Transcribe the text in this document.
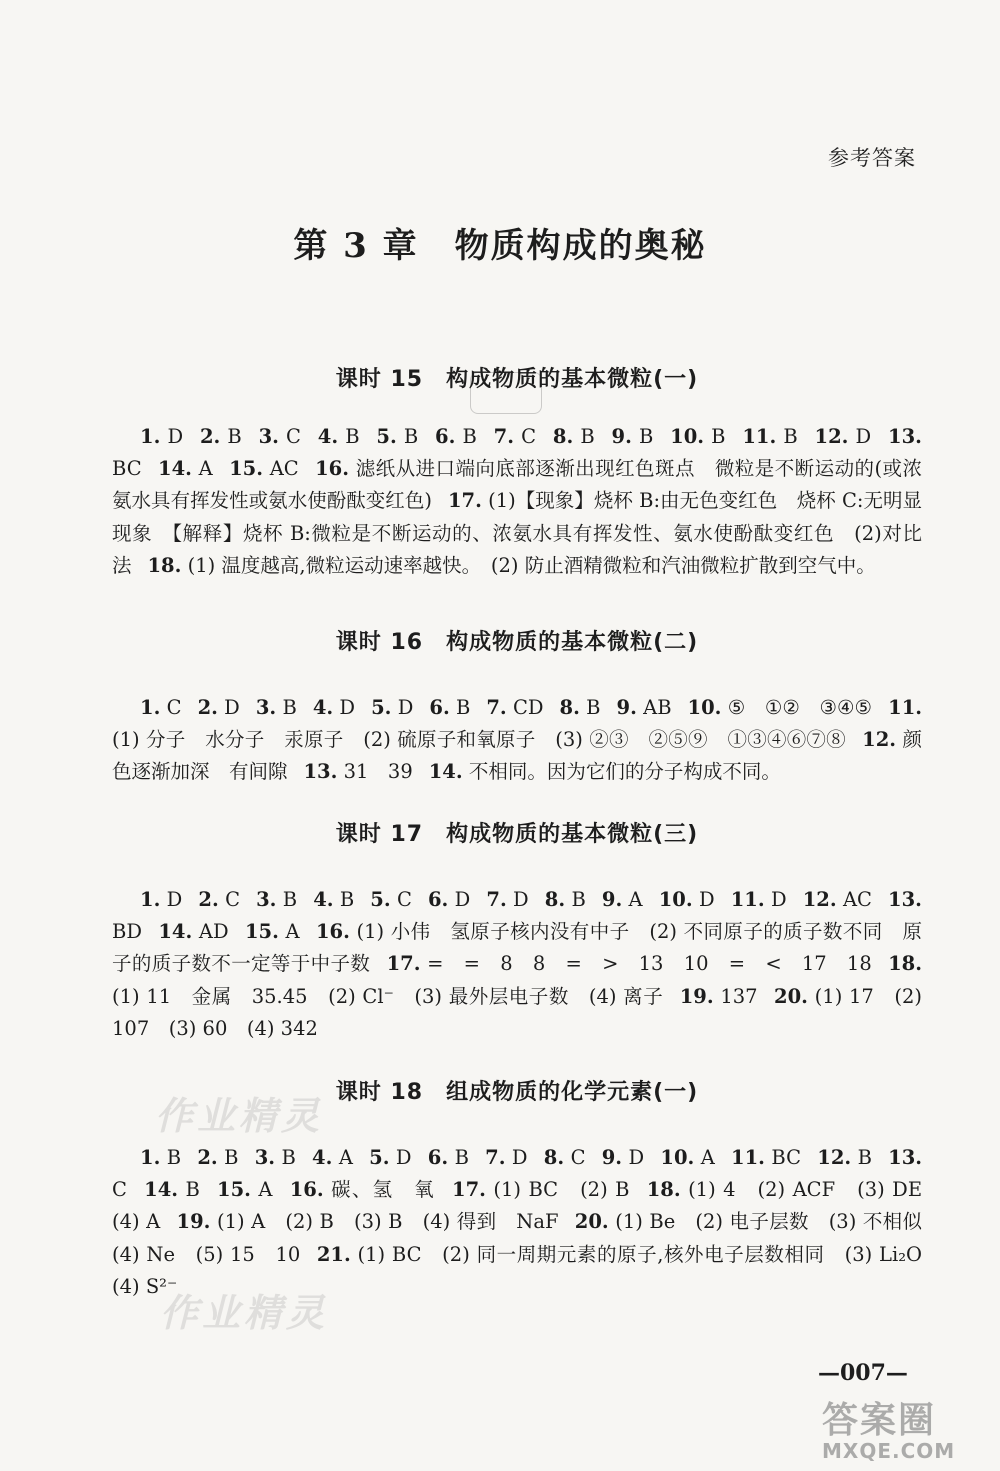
参考答案
第 3 章　物质构成的奥秘
课时 15　构成物质的基本微粒(一)
1. D  2. B  3. C  4. B  5. B  6. B  7. C  8. B  9. B  10. B  11. B  12. D  13. BC  14. A  15. AC  16. 滤纸从进口端向底部逐渐出现红色斑点　微粒是不断运动的(或浓氨水具有挥发性或氨水使酚酞变红色)  17. (1)【现象】烧杯 B:由无色变红色　烧杯 C:无明显现象　【解释】烧杯 B:微粒是不断运动的、浓氨水具有挥发性、氨水使酚酞变红色　(2)对比法  18. (1) 温度越高,微粒运动速率越快。　(2) 防止酒精微粒和汽油微粒扩散到空气中。
课时 16　构成物质的基本微粒(二)
1. C  2. D  3. B  4. D  5. D  6. B  7. CD  8. B  9. AB  10. ⑤　①②　③④⑤  11. (1) 分子　水分子　汞原子　(2) 硫原子和氧原子　(3) ②③　②⑤⑨　①③④⑥⑦⑧  12. 颜色逐渐加深　有间隙  13. 31　39  14. 不相同。因为它们的分子构成不同。
课时 17　构成物质的基本微粒(三)
1. D  2. C  3. B  4. B  5. C  6. D  7. D  8. B  9. A  10. D  11. D  12. AC  13. BD  14. AD  15. A  16. (1) 小伟　氢原子核内没有中子　(2) 不同原子的质子数不同　原子的质子数不一定等于中子数  17. =　=　8　8　=　>　13　10　=　<　17　18  18. (1) 11　金属　35.45　(2) Cl⁻　(3) 最外层电子数　(4) 离子  19. 137  20. (1) 17　(2) 107　(3) 60　(4) 342
课时 18　组成物质的化学元素(一)
1. B  2. B  3. B  4. A  5. D  6. B  7. D  8. C  9. D  10. A  11. BC  12. B  13. C  14. B  15. A  16. 碳、氢　氧  17. (1) BC　(2) B  18. (1) 4　(2) ACF　(3) DE　(4) A  19. (1) A　(2) B　(3) B　(4) 得到　NaF  20. (1) Be　(2) 电子层数　(3) 不相似　(4) Ne　(5) 15　10  21. (1) BC　(2) 同一周期元素的原子,核外电子层数相同　(3) Li₂O　(4) S²⁻
作业精灵
作业精灵
—007—
答案圈
MXQE.COM
